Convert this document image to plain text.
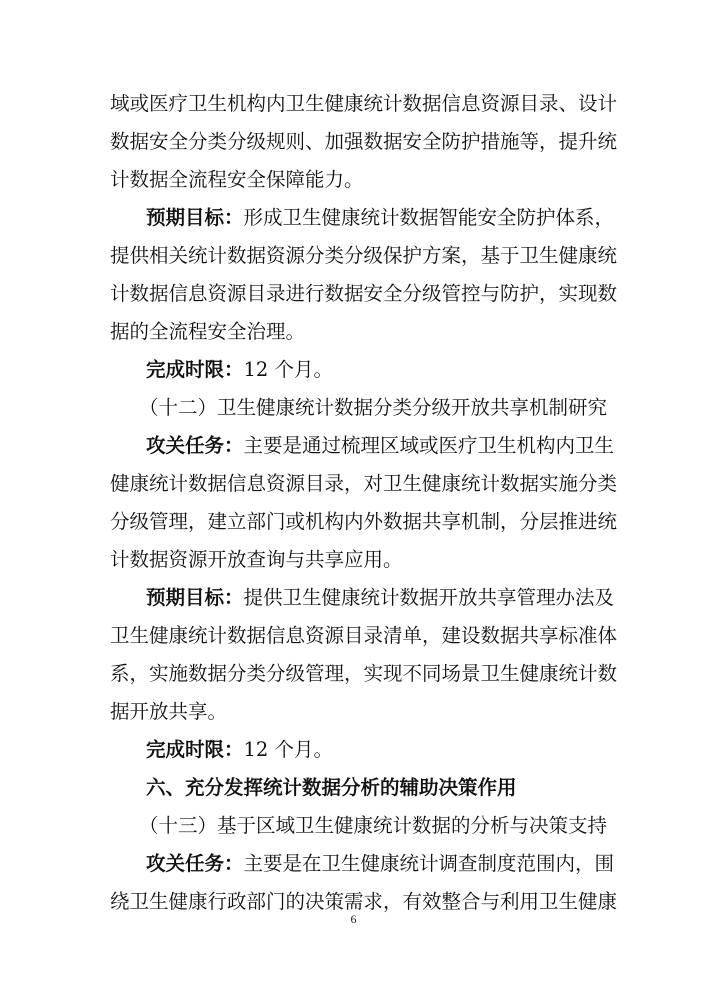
域或医疗卫生机构内卫生健康统计数据信息资源目录、设计
数据安全分类分级规则、加强数据安全防护措施等，提升统
计数据全流程安全保障能力。
预期目标：形成卫生健康统计数据智能安全防护体系，
提供相关统计数据资源分类分级保护方案，基于卫生健康统
计数据信息资源目录进行数据安全分级管控与防护，实现数
据的全流程安全治理。
完成时限：12 个月。
（十二）卫生健康统计数据分类分级开放共享机制研究
攻关任务：主要是通过梳理区域或医疗卫生机构内卫生
健康统计数据信息资源目录，对卫生健康统计数据实施分类
分级管理，建立部门或机构内外数据共享机制，分层推进统
计数据资源开放查询与共享应用。
预期目标：提供卫生健康统计数据开放共享管理办法及
卫生健康统计数据信息资源目录清单，建设数据共享标准体
系，实施数据分类分级管理，实现不同场景卫生健康统计数
据开放共享。
完成时限：12 个月。
六、充分发挥统计数据分析的辅助决策作用
（十三）基于区域卫生健康统计数据的分析与决策支持
攻关任务：主要是在卫生健康统计调查制度范围内，围
绕卫生健康行政部门的决策需求，有效整合与利用卫生健康
6
